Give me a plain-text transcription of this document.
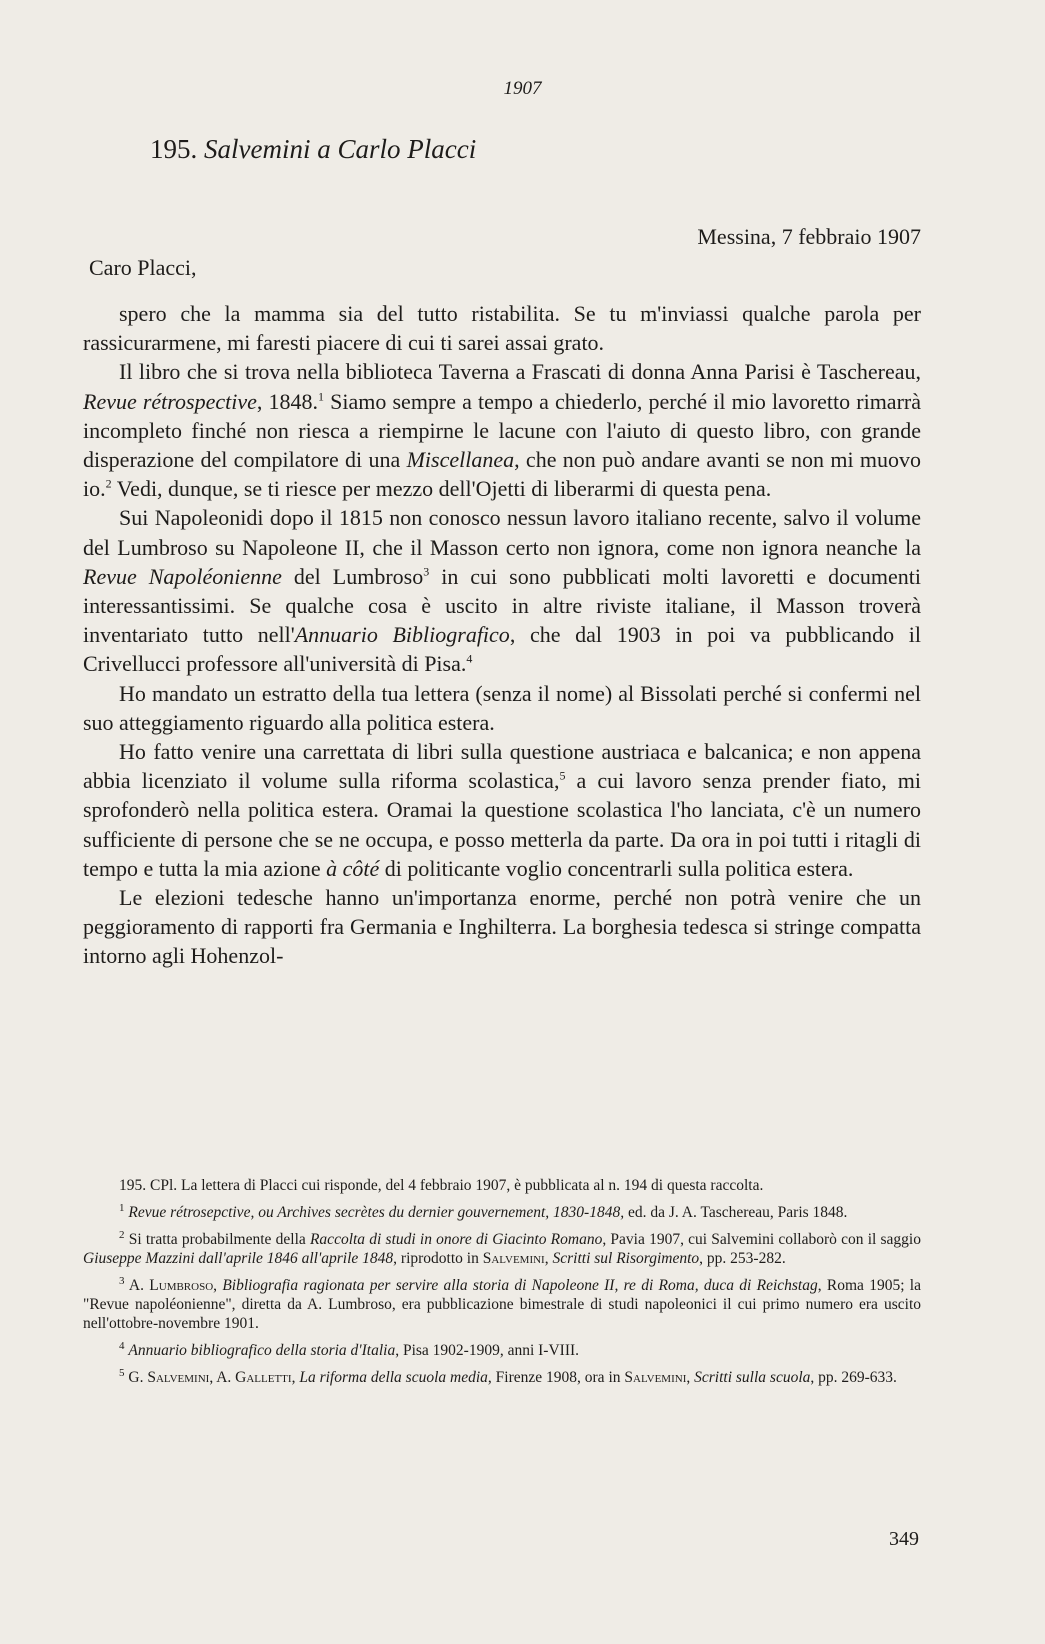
1907
195. Salvemini a Carlo Placci
Messina, 7 febbraio 1907
Caro Placci,

spero che la mamma sia del tutto ristabilita. Se tu m'inviassi qualche parola per rassicurarmene, mi faresti piacere di cui ti sarei assai grato.

Il libro che si trova nella biblioteca Taverna a Frascati di donna Anna Parisi è Taschereau, Revue rétrospective, 1848.$^1$ Siamo sempre a tempo a chiederlo, perché il mio lavoretto rimarrà incompleto finché non riesca a riempirne le lacune con l'aiuto di questo libro, con grande disperazione del compilatore di una Miscellanea, che non può andare avanti se non mi muovo io.$^2$ Vedi, dunque, se ti riesce per mezzo dell'Ojetti di liberarmi di questa pena.

Sui Napoleonidi dopo il 1815 non conosco nessun lavoro italiano recente, salvo il volume del Lumbroso su Napoleone II, che il Masson certo non ignora, come non ignora neanche la Revue Napoléonienne del Lumbroso$^3$ in cui sono pubblicati molti lavoretti e documenti interessantissimi. Se qualche cosa è uscito in altre riviste italiane, il Masson troverà inventariato tutto nell'Annuario Bibliografico, che dal 1903 in poi va pubblicando il Crivellucci professore all'università di Pisa.$^4$

Ho mandato un estratto della tua lettera (senza il nome) al Bissolati perché si confermi nel suo atteggiamento riguardo alla politica estera.

Ho fatto venire una carrettata di libri sulla questione austriaca e balcanica; e non appena abbia licenziato il volume sulla riforma scolastica,$^5$ a cui lavoro senza prender fiato, mi sprofonderò nella politica estera. Oramai la questione scolastica l'ho lanciata, c'è un numero sufficiente di persone che se ne occupa, e posso metterla da parte. Da ora in poi tutti i ritagli di tempo e tutta la mia azione à côté di politicante voglio concentrarli sulla politica estera.

Le elezioni tedesche hanno un'importanza enorme, perché non potrà venire che un peggioramento di rapporti fra Germania e Inghilterra. La borghesia tedesca si stringe compatta intorno agli Hohenzol-

195. CPl. La lettera di Placci cui risponde, del 4 febbraio 1907, è pubblicata al n. 194 di questa raccolta.

$^1$ Revue rétrosepctive, ou Archives secrètes du dernier gouvernement, 1830-1848, ed. da J. A. Taschereau, Paris 1848.

$^2$ Si tratta probabilmente della Raccolta di studi in onore di Giacinto Romano, Pavia 1907, cui Salvemini collaborò con il saggio Giuseppe Mazzini dall'aprile 1846 all'aprile 1848, riprodotto in Salvemini, Scritti sul Risorgimento, pp. 253-282.

$^3$ A. Lumbroso, Bibliografia ragionata per servire alla storia di Napoleone II, re di Roma, duca di Reichstag, Roma 1905; la "Revue napoléonienne", diretta da A. Lumbroso, era pubblicazione bimestrale di studi napoleonici il cui primo numero era uscito nell'ottobre-novembre 1901.

$^4$ Annuario bibliografico della storia d'Italia, Pisa 1902-1909, anni I-VIII.

$^5$ G. Salvemini, A. Galletti, La riforma della scuola media, Firenze 1908, ora in Salvemini, Scritti sulla scuola, pp. 269-633.

349
